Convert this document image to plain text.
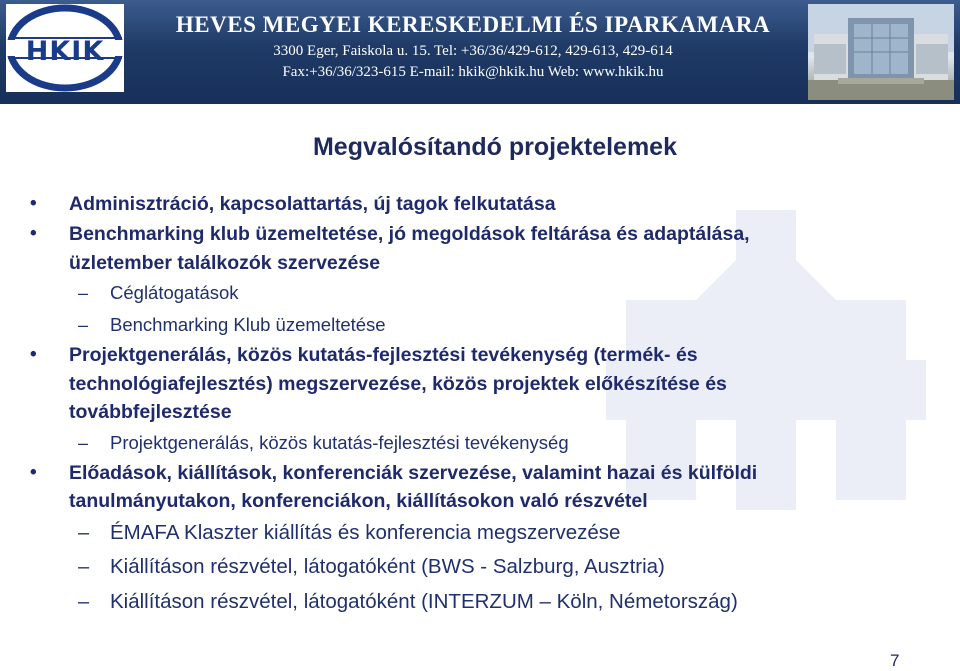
HKIK
HEVES MEGYEI KERESKEDELMI ÉS IPARKAMARA
3300 Eger, Faiskola u. 15. Tel: +36/36/429-612, 429-613, 429-614
Fax:+36/36/323-615 E-mail: hkik@hkik.hu Web: www.hkik.hu
Megvalósítandó projektelemek
•	Adminisztráció, kapcsolattartás, új tagok felkutatása
•	Benchmarking klub üzemeltetése, jó megoldások feltárása és adaptálása,
üzletember találkozók szervezése
– Céglátogatások
– Benchmarking Klub üzemeltetése
•	Projektgenerálás, közös kutatás-fejlesztési tevékenység (termék- és
technológiafejlesztés) megszervezése, közös projektek előkészítése és
továbbfejlesztése
– Projektgenerálás, közös kutatás-fejlesztési tevékenység
•	Előadások, kiállítások, konferenciák szervezése, valamint hazai és külföldi
tanulmányutakon, konferenciákon, kiállításokon való részvétel
– ÉMAFA Klaszter kiállítás és konferencia megszervezése
– Kiállításon részvétel, látogatóként (BWS - Salzburg, Ausztria)
– Kiállításon részvétel, látogatóként (INTERZUM – Köln, Németország)
7
